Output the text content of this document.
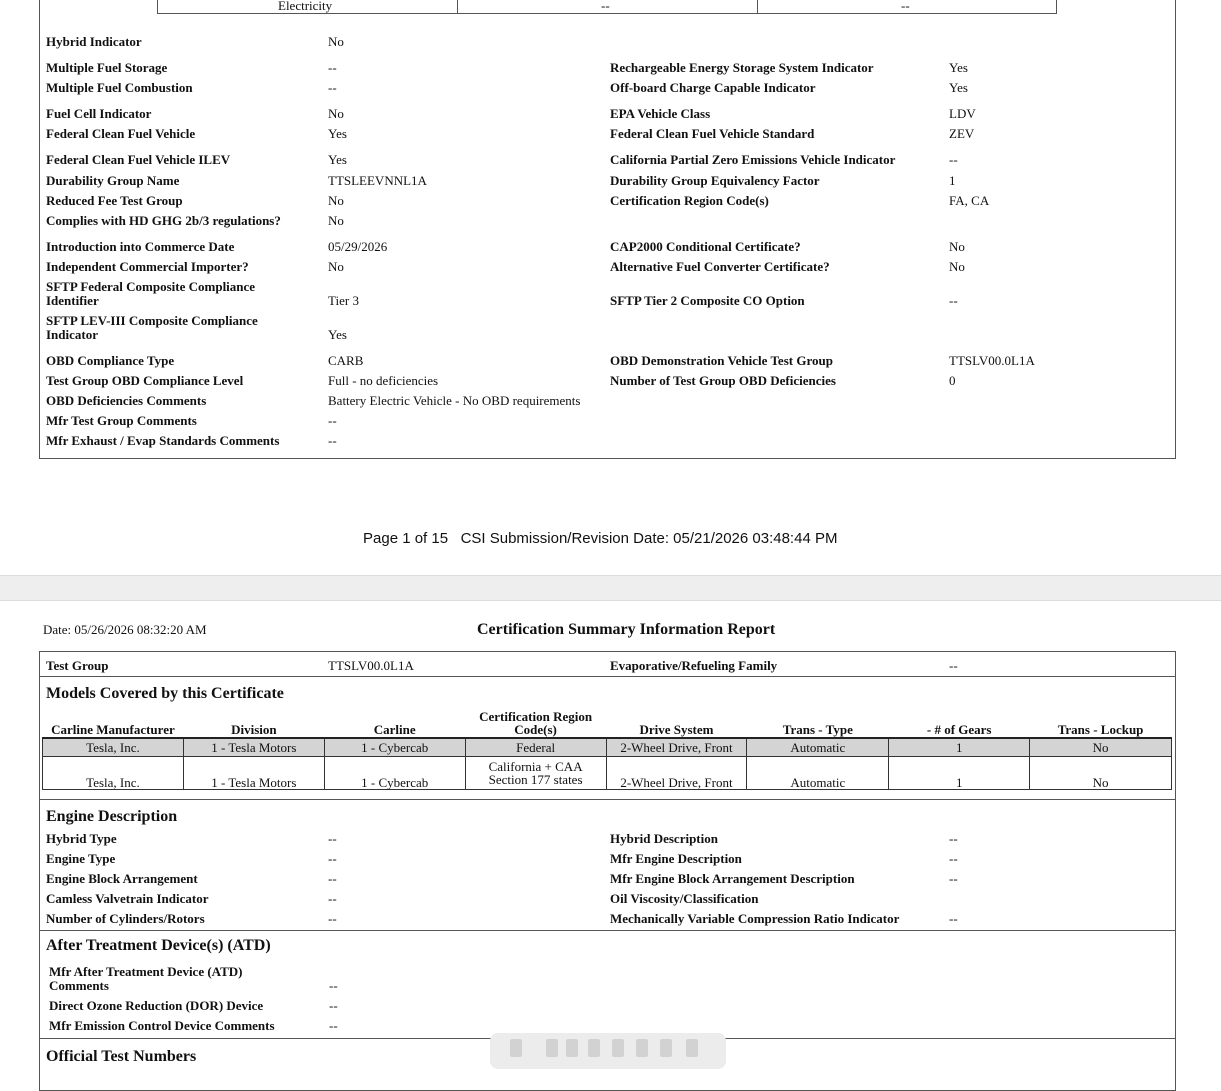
Electricity	--	--
Hybrid Indicator	No
Multiple Fuel Storage	--	Rechargeable Energy Storage System Indicator	Yes
Multiple Fuel Combustion	--	Off-board Charge Capable Indicator	Yes
Fuel Cell Indicator	No	EPA Vehicle Class	LDV
Federal Clean Fuel Vehicle	Yes	Federal Clean Fuel Vehicle Standard	ZEV
Federal Clean Fuel Vehicle ILEV	Yes	California Partial Zero Emissions Vehicle Indicator	--
Durability Group Name	TTSLEEVNNL1A	Durability Group Equivalency Factor	1
Reduced Fee Test Group	No	Certification Region Code(s)	FA, CA
Complies with HD GHG 2b/3 regulations?	No
Introduction into Commerce Date	05/29/2026	CAP2000 Conditional Certificate?	No
Independent Commercial Importer?	No	Alternative Fuel Converter Certificate?	No
SFTP Federal Composite Compliance
Identifier	Tier 3	SFTP Tier 2 Composite CO Option	--
SFTP LEV-III Composite Compliance
Indicator	Yes
OBD Compliance Type	CARB	OBD Demonstration Vehicle Test Group	TTSLV00.0L1A
Test Group OBD Compliance Level	Full - no deficiencies	Number of Test Group OBD Deficiencies	0
OBD Deficiencies Comments	Battery Electric Vehicle - No OBD requirements
Mfr Test Group Comments	--
Mfr Exhaust / Evap Standards Comments	--
Page 1 of 15   CSI Submission/Revision Date: 05/21/2026 03:48:44 PM
Date: 05/26/2026 08:32:20 AM	Certification Summary Information Report
Test Group	TTSLV00.0L1A	Evaporative/Refueling Family	--
Models Covered by this Certificate
Carline Manufacturer	Division	Carline	Certification Region Code(s)	Drive System	Trans - Type	- # of Gears	Trans - Lockup
Tesla, Inc.	1 - Tesla Motors	1 - Cybercab	Federal	2-Wheel Drive, Front	Automatic	1	No
Tesla, Inc.	1 - Tesla Motors	1 - Cybercab	California + CAA Section 177 states	2-Wheel Drive, Front	Automatic	1	No
Engine Description
Hybrid Type	--	Hybrid Description	--
Engine Type	--	Mfr Engine Description	--
Engine Block Arrangement	--	Mfr Engine Block Arrangement Description	--
Camless Valvetrain Indicator	--	Oil Viscosity/Classification
Number of Cylinders/Rotors	--	Mechanically Variable Compression Ratio Indicator	--
After Treatment Device(s) (ATD)
Mfr After Treatment Device (ATD)
Comments	--
Direct Ozone Reduction (DOR) Device	--
Mfr Emission Control Device Comments	--
Official Test Numbers
